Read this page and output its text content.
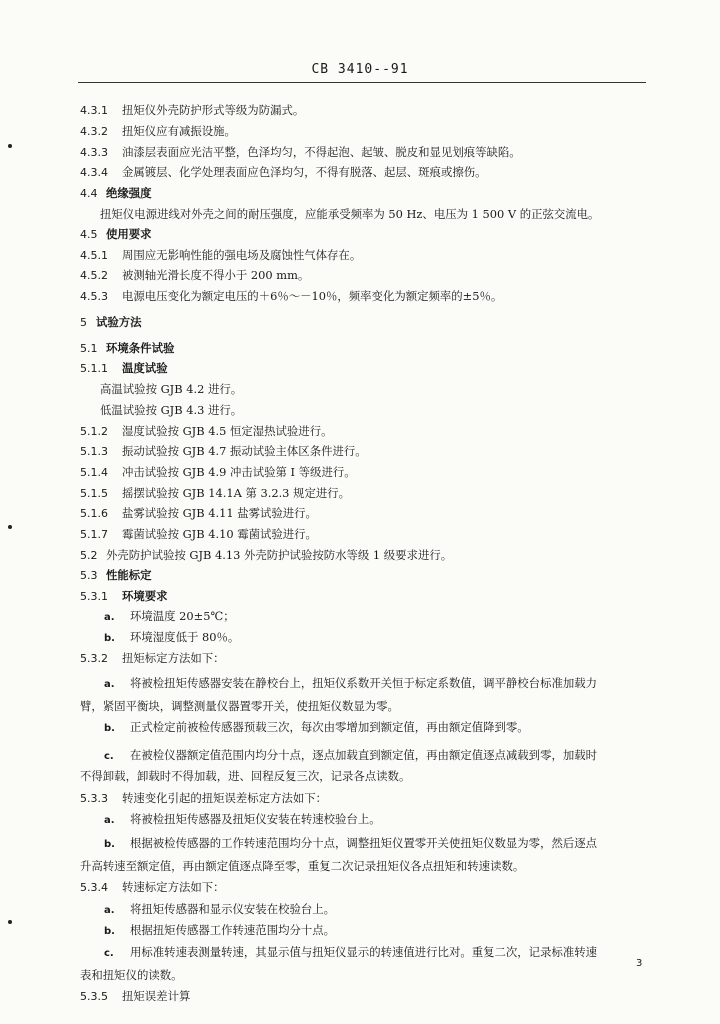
CB 3410--91
4.3.1 扭矩仪外壳防护形式等级为防漏式。
4.3.2 扭矩仪应有减振设施。
4.3.3 油漆层表面应光洁平整，色泽均匀，不得起泡、起皱、脱皮和显见划痕等缺陷。
4.3.4 金属镀层、化学处理表面应色泽均匀，不得有脱落、起层、斑痕或擦伤。
4.4 绝缘强度
扭矩仪电源进线对外壳之间的耐压强度，应能承受频率为 50 Hz、电压为 1 500 V 的正弦交流电。
4.5 使用要求
4.5.1 周围应无影响性能的强电场及腐蚀性气体存在。
4.5.2 被测轴光滑长度不得小于 200 mm。
4.5.3 电源电压变化为额定电压的＋6％～－10％，频率变化为额定频率的±5％。
5 试验方法
5.1 环境条件试验
5.1.1 温度试验
高温试验按 GJB 4.2 进行。
低温试验按 GJB 4.3 进行。
5.1.2 湿度试验按 GJB 4.5 恒定湿热试验进行。
5.1.3 振动试验按 GJB 4.7 振动试验主体区条件进行。
5.1.4 冲击试验按 GJB 4.9 冲击试验第 I 等级进行。
5.1.5 摇摆试验按 GJB 14.1A 第 3.2.3 规定进行。
5.1.6 盐雾试验按 GJB 4.11 盐雾试验进行。
5.1.7 霉菌试验按 GJB 4.10 霉菌试验进行。
5.2 外壳防护试验按 GJB 4.13 外壳防护试验按防水等级 1 级要求进行。
5.3 性能标定
5.3.1 环境要求
a. 环境温度 20±5℃；
b. 环境湿度低于 80％。
5.3.2 扭矩标定方法如下：
a. 将被检扭矩传感器安装在静校台上，扭矩仪系数开关恒于标定系数值，调平静校台标准加载力
臂，紧固平衡块，调整测量仪器置零开关，使扭矩仪数显为零。
b. 正式检定前被检传感器预载三次，每次由零增加到额定值，再由额定值降到零。
c. 在被检仪器额定值范围内均分十点，逐点加载直到额定值，再由额定值逐点减载到零，加载时
不得卸载，卸载时不得加载，进、回程反复三次，记录各点读数。
5.3.3 转速变化引起的扭矩误差标定方法如下：
a. 将被检扭矩传感器及扭矩仪安装在转速校验台上。
b. 根据被检传感器的工作转速范围均分十点，调整扭矩仪置零开关使扭矩仪数显为零，然后逐点
升高转速至额定值，再由额定值逐点降至零，重复二次记录扭矩仪各点扭矩和转速读数。
5.3.4 转速标定方法如下：
a. 将扭矩传感器和显示仪安装在校验台上。
b. 根据扭矩传感器工作转速范围均分十点。
c. 用标准转速表测量转速，其显示值与扭矩仪显示的转速值进行比对。重复二次，记录标准转速
表和扭矩仪的读数。
5.3.5 扭矩误差计算
3
